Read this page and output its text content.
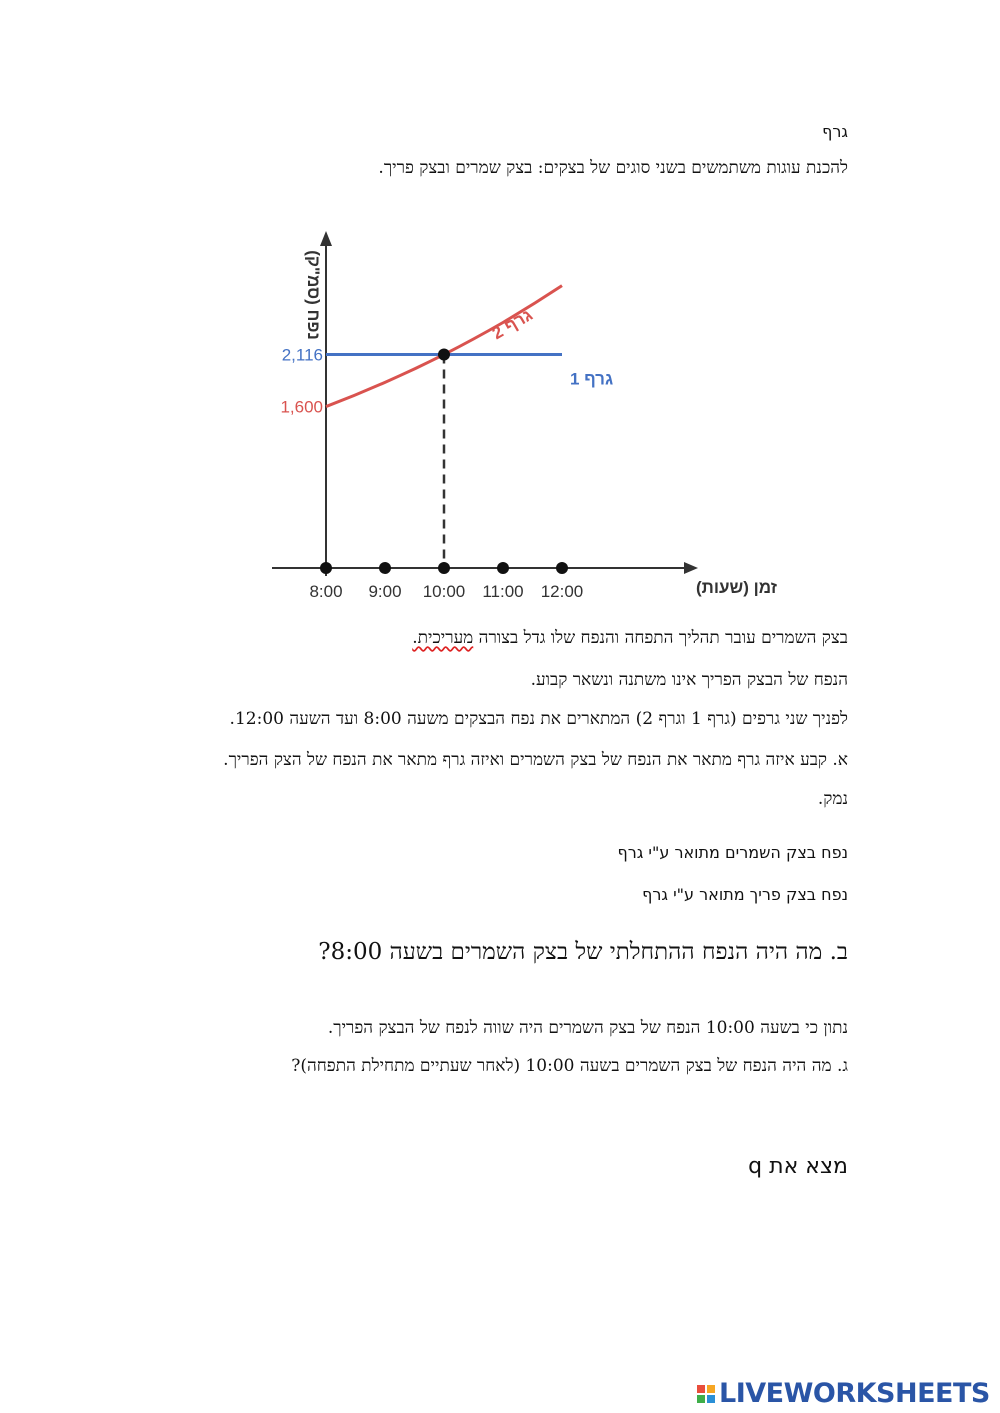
גרף
להכנת עוגות משתמשים בשני סוגים של בצקים: בצק שמרים ובצק פריך.
8:00 9:00 10:00 11:00 12:00	זמן (שעות)
נפח (סמ"ק)
2,116
1,600
גרף 1
גרף 2
בצק השמרים עובר תהליך התפחה והנפח שלו גדל בצורה מעריכית.
הנפח של הבצק הפריך אינו משתנה ונשאר קבוע.
לפניך שני גרפים (גרף 1 וגרף 2) המתארים את נפח הבצקים משעה 8:00 ועד השעה 12:00.
א. קבע איזה גרף מתאר את הנפח של בצק השמרים ואיזה גרף מתאר את הנפח של הצק הפריך.
נמק.
נפח בצק השמרים מתואר ע"י גרף
נפח בצק פריך מתואר ע"י גרף
ב. מה היה הנפח ההתחלתי של בצק השמרים בשעה 8:00?
נתון כי בשעה 10:00 הנפח של בצק השמרים היה שווה לנפח של הבצק הפריך.
ג. מה היה הנפח של בצק השמרים בשעה 10:00 (לאחר שעתיים מתחילת התפחה)?
מצא את q
LIVEWORKSHEETS
